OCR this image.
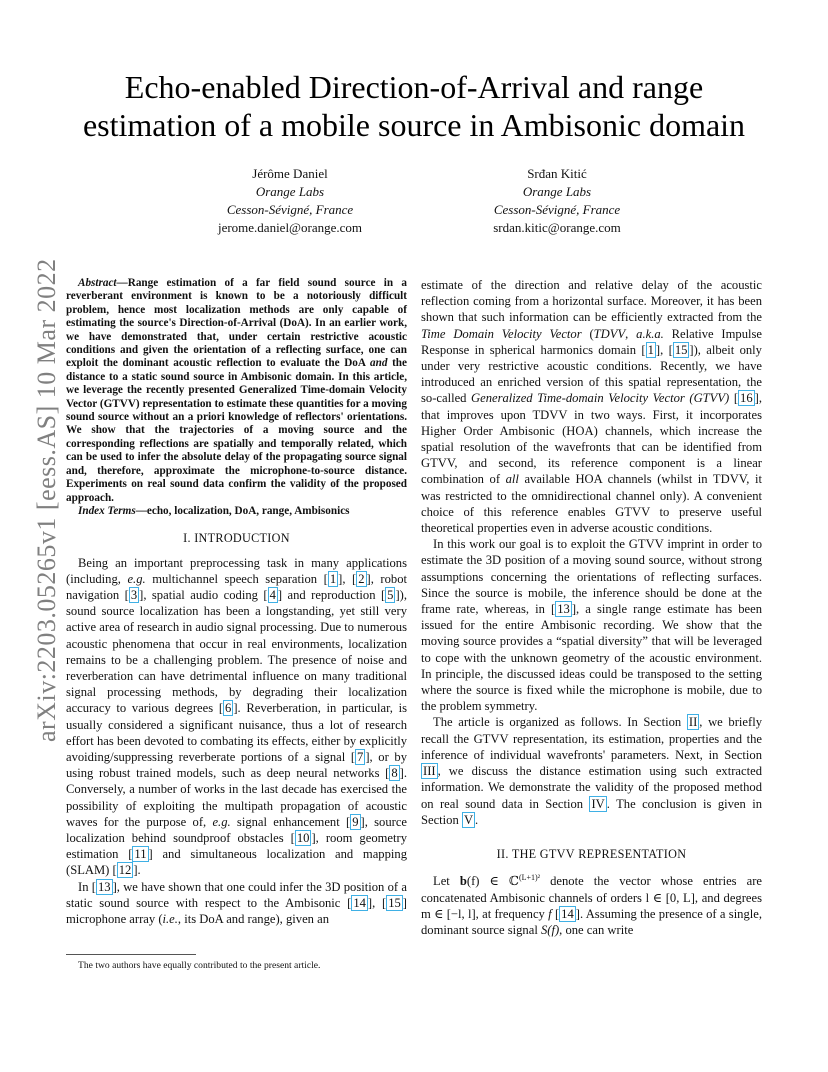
arXiv:2203.05265v1 [eess.AS] 10 Mar 2022
Echo-enabled Direction-of-Arrival and range
estimation of a mobile source in Ambisonic domain
Jérôme Daniel
Orange Labs
Cesson-Sévigné, France
jerome.daniel@orange.com
Srđan Kitić
Orange Labs
Cesson-Sévigné, France
srdan.kitic@orange.com

Abstract—Range estimation of a far field sound source in a reverberant environment is known to be a notoriously difficult problem, hence most localization methods are only capable of estimating the source's Direction-of-Arrival (DoA). In an earlier work, we have demonstrated that, under certain restrictive acoustic conditions and given the orientation of a reflecting surface, one can exploit the dominant acoustic reflection to evaluate the DoA and the distance to a static sound source in Ambisonic domain. In this article, we leverage the recently presented Generalized Time-domain Velocity Vector (GTVV) representation to estimate these quantities for a moving sound source without an a priori knowledge of reflectors' orientations. We show that the trajectories of a moving source and the corresponding reflections are spatially and temporally related, which can be used to infer the absolute delay of the propagating source signal and, therefore, approximate the microphone-to-source distance. Experiments on real sound data confirm the validity of the proposed approach.

Index Terms—echo, localization, DoA, range, Ambisonics

I. INTRODUCTION

Being an important preprocessing task in many applications (including, e.g. multichannel speech separation [ 1 ], [ 2 ], robot navigation [ 3 ], spatial audio coding [ 4 ] and reproduction [ 5 ]), sound source localization has been a longstanding, yet still very active area of research in audio signal processing. Due to numerous acoustic phenomena that occur in real environments, localization remains to be a challenging problem. The presence of noise and reverberation can have detrimental influence on many traditional signal processing methods, by degrading their localization accuracy to various degrees [ 6 ]. Reverberation, in particular, is usually considered a significant nuisance, thus a lot of research effort has been devoted to combating its effects, either by explicitly avoiding/suppressing reverberate portions of a signal [ 7 ], or by using robust trained models, such as deep neural networks [ 8 ]. Conversely, a number of works in the last decade has exercised the possibility of exploiting the multipath propagation of acoustic waves for the purpose of, e.g. signal enhancement [ 9 ], source localization behind soundproof obstacles [ 10 ], room geometry estimation [ 11 ] and simultaneous localization and mapping (SLAM) [ 12 ].

In [ 13 ], we have shown that one could infer the 3D position of a static sound source with respect to the Ambisonic [ 14 ], [ 15 ] microphone array (i.e., its DoA and range), given an

The two authors have equally contributed to the present article.

estimate of the direction and relative delay of the acoustic reflection coming from a horizontal surface. Moreover, it has been shown that such information can be efficiently extracted from the Time Domain Velocity Vector (TDVV, a.k.a. Relative Impulse Response in spherical harmonics domain [ 1 ], [ 15 ]), albeit only under very restrictive acoustic conditions. Recently, we have introduced an enriched version of this spatial representation, the so-called Generalized Time-domain Velocity Vector (GTVV) [ 16 ], that improves upon TDVV in two ways. First, it incorporates Higher Order Ambisonic (HOA) channels, which increase the spatial resolution of the wavefronts that can be identified from GTVV, and second, its reference component is a linear combination of all available HOA channels (whilst in TDVV, it was restricted to the omnidirectional channel only). A convenient choice of this reference enables GTVV to preserve useful theoretical properties even in adverse acoustic conditions.

In this work our goal is to exploit the GTVV imprint in order to estimate the 3D position of a moving sound source, without strong assumptions concerning the orientations of reflecting surfaces. Since the source is mobile, the inference should be done at the frame rate, whereas, in [ 13 ], a single range estimate has been issued for the entire Ambisonic recording. We show that the moving source provides a “spatial diversity” that will be leveraged to cope with the unknown geometry of the acoustic environment. In principle, the discussed ideas could be transposed to the setting where the source is fixed while the microphone is mobile, due to the problem symmetry.

The article is organized as follows. In Section II , we briefly recall the GTVV representation, its estimation, properties and the inference of individual wavefronts' parameters. Next, in Section III , we discuss the distance estimation using such extracted information. We demonstrate the validity of the proposed method on real sound data in Section IV . The conclusion is given in Section V .

II. THE GTVV REPRESENTATION

Let b(f) ∈ ℂ$^{(L+1)^2}$ denote the vector whose entries are concatenated Ambisonic channels of orders l ∈ [0, L], and degrees m ∈ [−l, l], at frequency f [ 14 ]. Assuming the presence of a single, dominant source signal S(f), one can write
